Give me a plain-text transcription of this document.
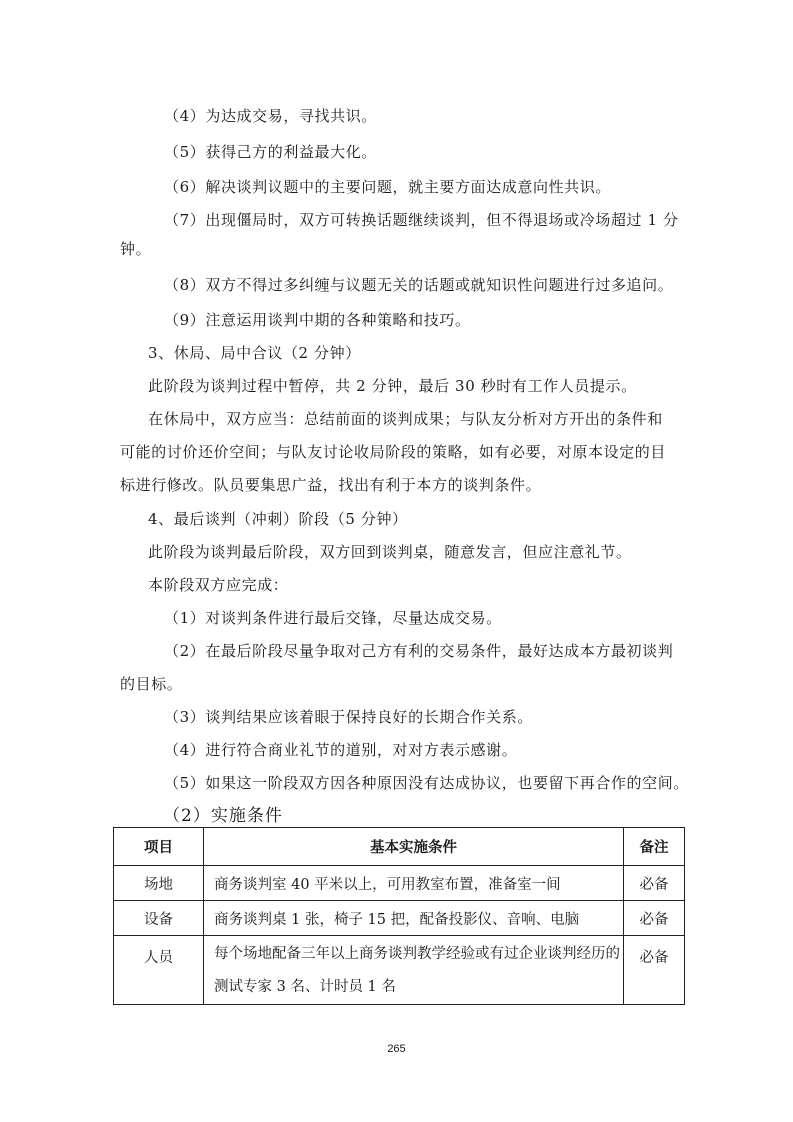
（4）为达成交易，寻找共识。
（5）获得己方的利益最大化。
（6）解决谈判议题中的主要问题，就主要方面达成意向性共识。
（7）出现僵局时，双方可转换话题继续谈判，但不得退场或冷场超过 1 分
钟。
（8）双方不得过多纠缠与议题无关的话题或就知识性问题进行过多追问。
（9）注意运用谈判中期的各种策略和技巧。
3、休局、局中合议（2 分钟）
此阶段为谈判过程中暂停，共 2 分钟，最后 30 秒时有工作人员提示。
在休局中，双方应当：总结前面的谈判成果；与队友分析对方开出的条件和
可能的讨价还价空间；与队友讨论收局阶段的策略，如有必要，对原本设定的目
标进行修改。队员要集思广益，找出有利于本方的谈判条件。
4、最后谈判（冲刺）阶段（5 分钟）
此阶段为谈判最后阶段，双方回到谈判桌，随意发言，但应注意礼节。
本阶段双方应完成：
（1）对谈判条件进行最后交锋，尽量达成交易。
（2）在最后阶段尽量争取对己方有利的交易条件，最好达成本方最初谈判
的目标。
（3）谈判结果应该着眼于保持良好的长期合作关系。
（4）进行符合商业礼节的道别，对对方表示感谢。
（5）如果这一阶段双方因各种原因没有达成协议，也要留下再合作的空间。
（2）实施条件
项目	基本实施条件	备注
场地	商务谈判室 40 平米以上，可用教室布置，准备室一间	必备
设备	商务谈判桌 1 张，椅子 15 把，配备投影仪、音响、电脑	必备
人员	每个场地配备三年以上商务谈判教学经验或有过企业谈判经历的测试专家 3 名、计时员 1 名	必备
265
